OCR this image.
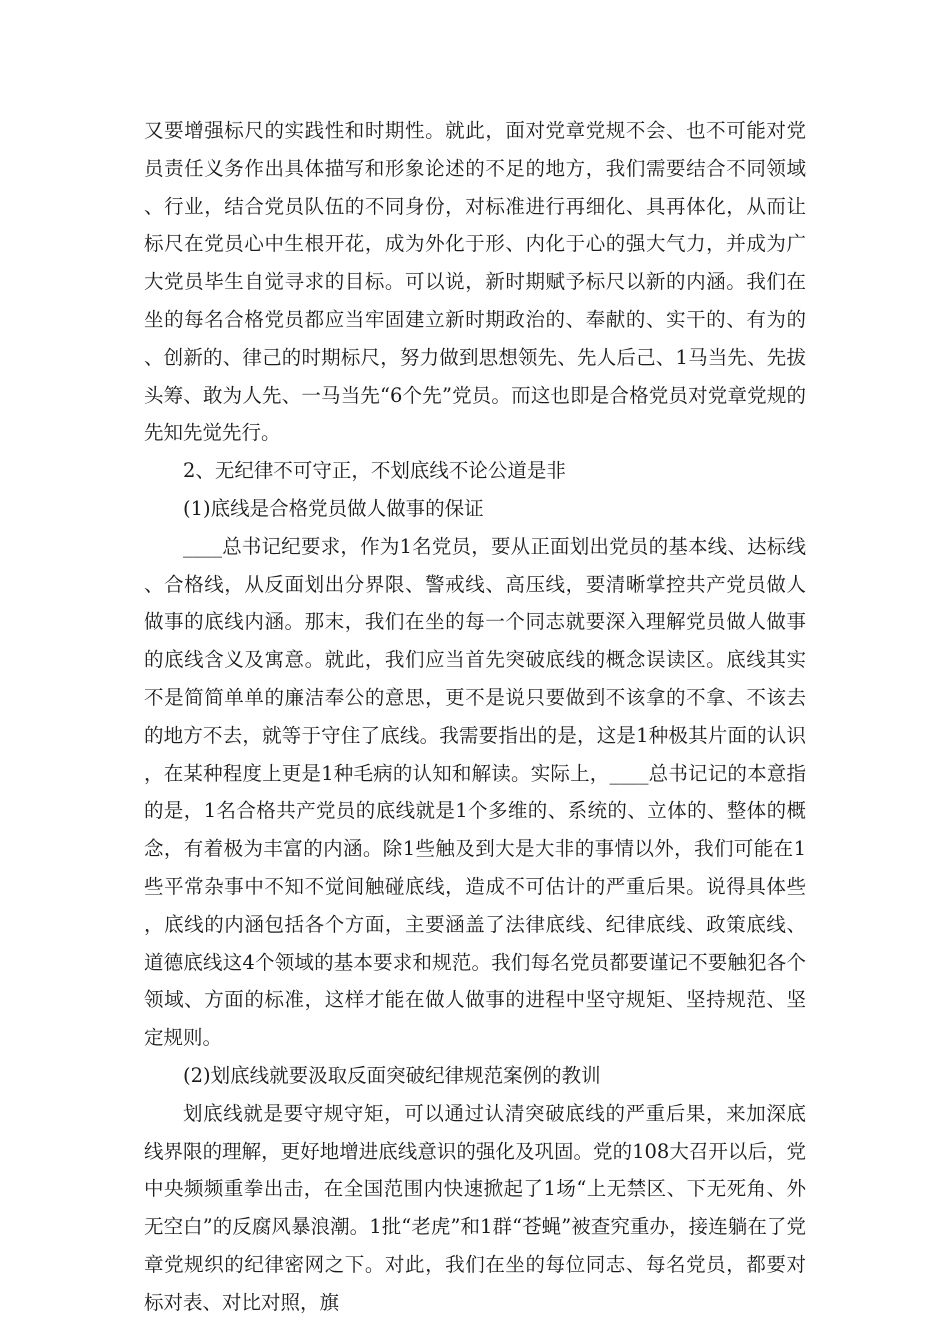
又要增强标尺的实践性和时期性。就此，面对党章党规不会、也不可能对党员责任义务作出具体描写和形象论述的不足的地方，我们需要结合不同领域、行业，结合党员队伍的不同身份，对标准进行再细化、具再体化，从而让标尺在党员心中生根开花，成为外化于形、内化于心的强大气力，并成为广大党员毕生自觉寻求的目标。可以说，新时期赋予标尺以新的内涵。我们在坐的每名合格党员都应当牢固建立新时期政治的、奉献的、实干的、有为的、创新的、律己的时期标尺，努力做到思想领先、先人后己、1马当先、先拔头筹、敢为人先、一马当先“6个先”党员。而这也即是合格党员对党章党规的先知先觉先行。

2、无纪律不可守正，不划底线不论公道是非

(1)底线是合格党员做人做事的保证

____总书记纪要求，作为1名党员，要从正面划出党员的基本线、达标线、合格线，从反面划出分界限、警戒线、高压线，要清晰掌控共产党员做人做事的底线内涵。那末，我们在坐的每一个同志就要深入理解党员做人做事的底线含义及寓意。就此，我们应当首先突破底线的概念误读区。底线其实不是简简单单的廉洁奉公的意思，更不是说只要做到不该拿的不拿、不该去的地方不去，就等于守住了底线。我需要指出的是，这是1种极其片面的认识，在某种程度上更是1种毛病的认知和解读。实际上，____总书记记的本意指的是，1名合格共产党员的底线就是1个多维的、系统的、立体的、整体的概念，有着极为丰富的内涵。除1些触及到大是大非的事情以外，我们可能在1些平常杂事中不知不觉间触碰底线，造成不可估计的严重后果。说得具体些，底线的内涵包括各个方面，主要涵盖了法律底线、纪律底线、政策底线、道德底线这4个领域的基本要求和规范。我们每名党员都要谨记不要触犯各个领域、方面的标准，这样才能在做人做事的进程中坚守规矩、坚持规范、坚定规则。

(2)划底线就要汲取反面突破纪律规范案例的教训

划底线就是要守规守矩，可以通过认清突破底线的严重后果，来加深底线界限的理解，更好地增进底线意识的强化及巩固。党的108大召开以后，党中央频频重拳出击，在全国范围内快速掀起了1场“上无禁区、下无死角、外无空白”的反腐风暴浪潮。1批“老虎”和1群“苍蝇”被查究重办，接连躺在了党章党规织的纪律密网之下。对此，我们在坐的每位同志、每名党员，都要对标对表、对比对照，旗
